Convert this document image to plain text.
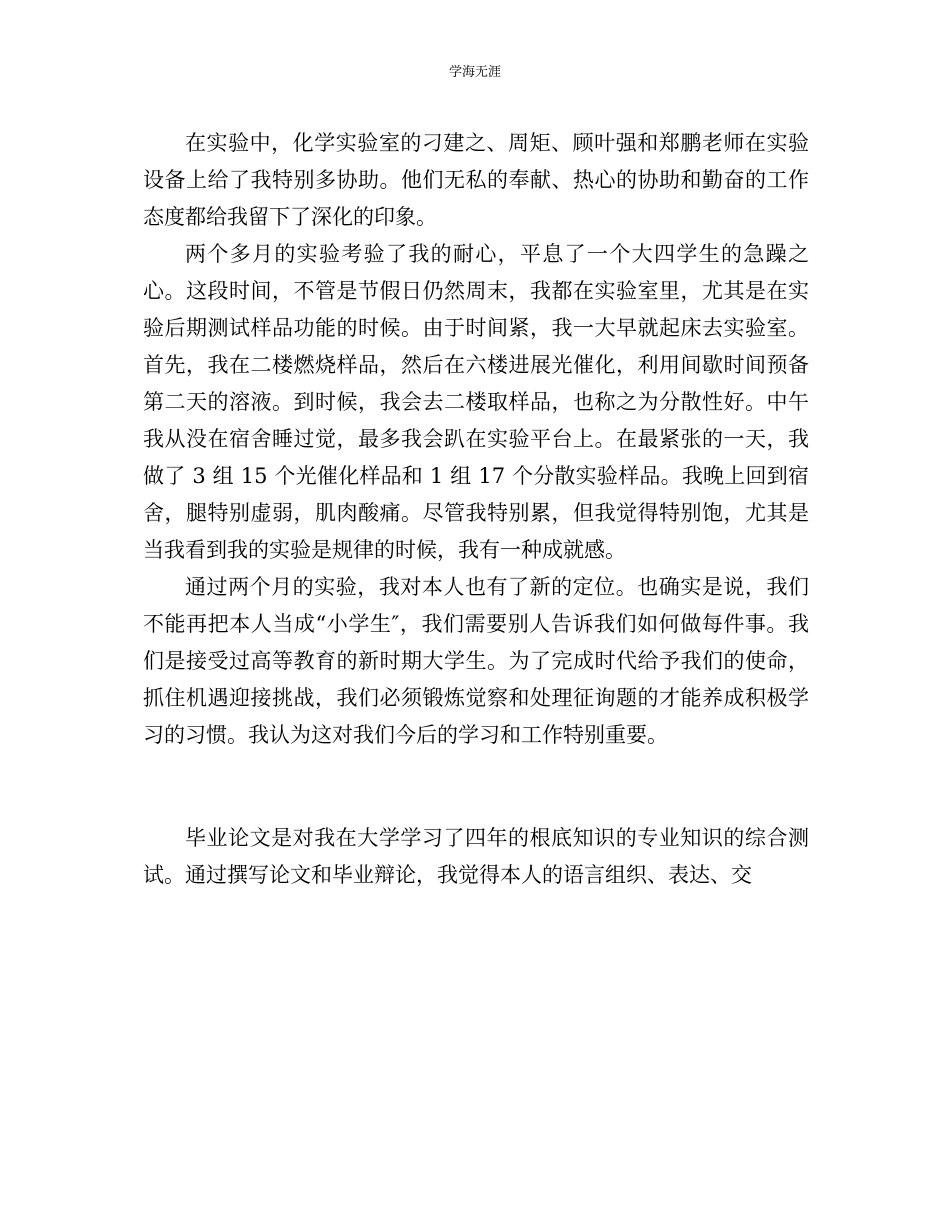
学海无涯

在实验中，化学实验室的刁建之、周矩、顾叶强和郑鹏老师在实验设备上给了我特别多协助。他们无私的奉献、热心的协助和勤奋的工作态度都给我留下了深化的印象。

两个多月的实验考验了我的耐心，平息了一个大四学生的急躁之心。这段时间，不管是节假日仍然周末，我都在实验室里，尤其是在实验后期测试样品功能的时候。由于时间紧，我一大早就起床去实验室。首先，我在二楼燃烧样品，然后在六楼进展光催化，利用间歇时间预备第二天的溶液。到时候，我会去二楼取样品，也称之为分散性好。中午我从没在宿舍睡过觉，最多我会趴在实验平台上。在最紧张的一天，我做了 3 组 15 个光催化样品和 1 组 17 个分散实验样品。我晚上回到宿舍，腿特别虚弱，肌肉酸痛。尽管我特别累，但我觉得特别饱，尤其是当我看到我的实验是规律的时候，我有一种成就感。

通过两个月的实验，我对本人也有了新的定位。也确实是说，我们不能再把本人当成“小学生″，我们需要别人告诉我们如何做每件事。我们是接受过高等教育的新时期大学生。为了完成时代给予我们的使命，抓住机遇迎接挑战，我们必须锻炼觉察和处理征询题的才能养成积极学习的习惯。我认为这对我们今后的学习和工作特别重要。

毕业论文是对我在大学学习了四年的根底知识的专业知识的综合测试。通过撰写论文和毕业辩论，我觉得本人的语言组织、表达、交
